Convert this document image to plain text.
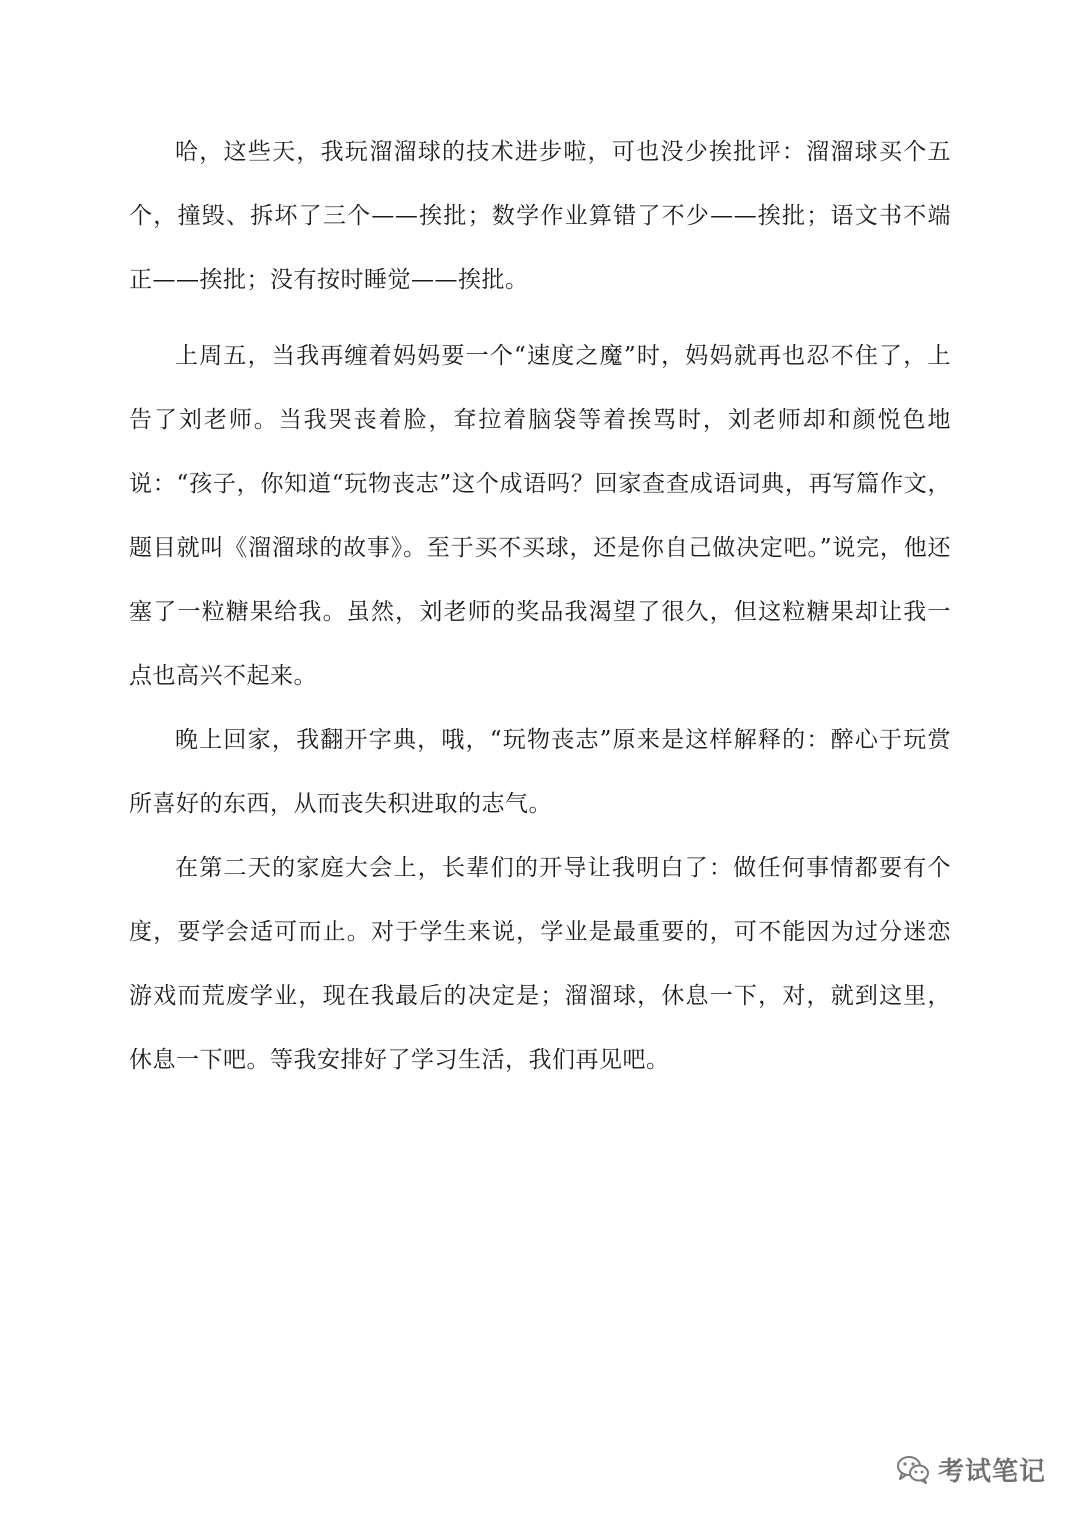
哈，这些天，我玩溜溜球的技术进步啦，可也没少挨批评：溜溜球买个五个，撞毁、拆坏了三个——挨批；数学作业算错了不少——挨批；语文书不端正——挨批；没有按时睡觉——挨批。

上周五，当我再缠着妈妈要一个“速度之魔”时，妈妈就再也忍不住了，上告了刘老师。当我哭丧着脸，耷拉着脑袋等着挨骂时，刘老师却和颜悦色地说：“孩子，你知道“玩物丧志”这个成语吗？回家查查成语词典，再写篇作文，题目就叫《溜溜球的故事》。至于买不买球，还是你自己做决定吧。”说完，他还塞了一粒糖果给我。虽然，刘老师的奖品我渴望了很久，但这粒糖果却让我一点也高兴不起来。

晚上回家，我翻开字典，哦，“玩物丧志”原来是这样解释的：醉心于玩赏所喜好的东西，从而丧失积进取的志气。

在第二天的家庭大会上，长辈们的开导让我明白了：做任何事情都要有个度，要学会适可而止。对于学生来说，学业是最重要的，可不能因为过分迷恋游戏而荒废学业，现在我最后的决定是；溜溜球，休息一下，对，就到这里，休息一下吧。等我安排好了学习生活，我们再见吧。

考试笔记
